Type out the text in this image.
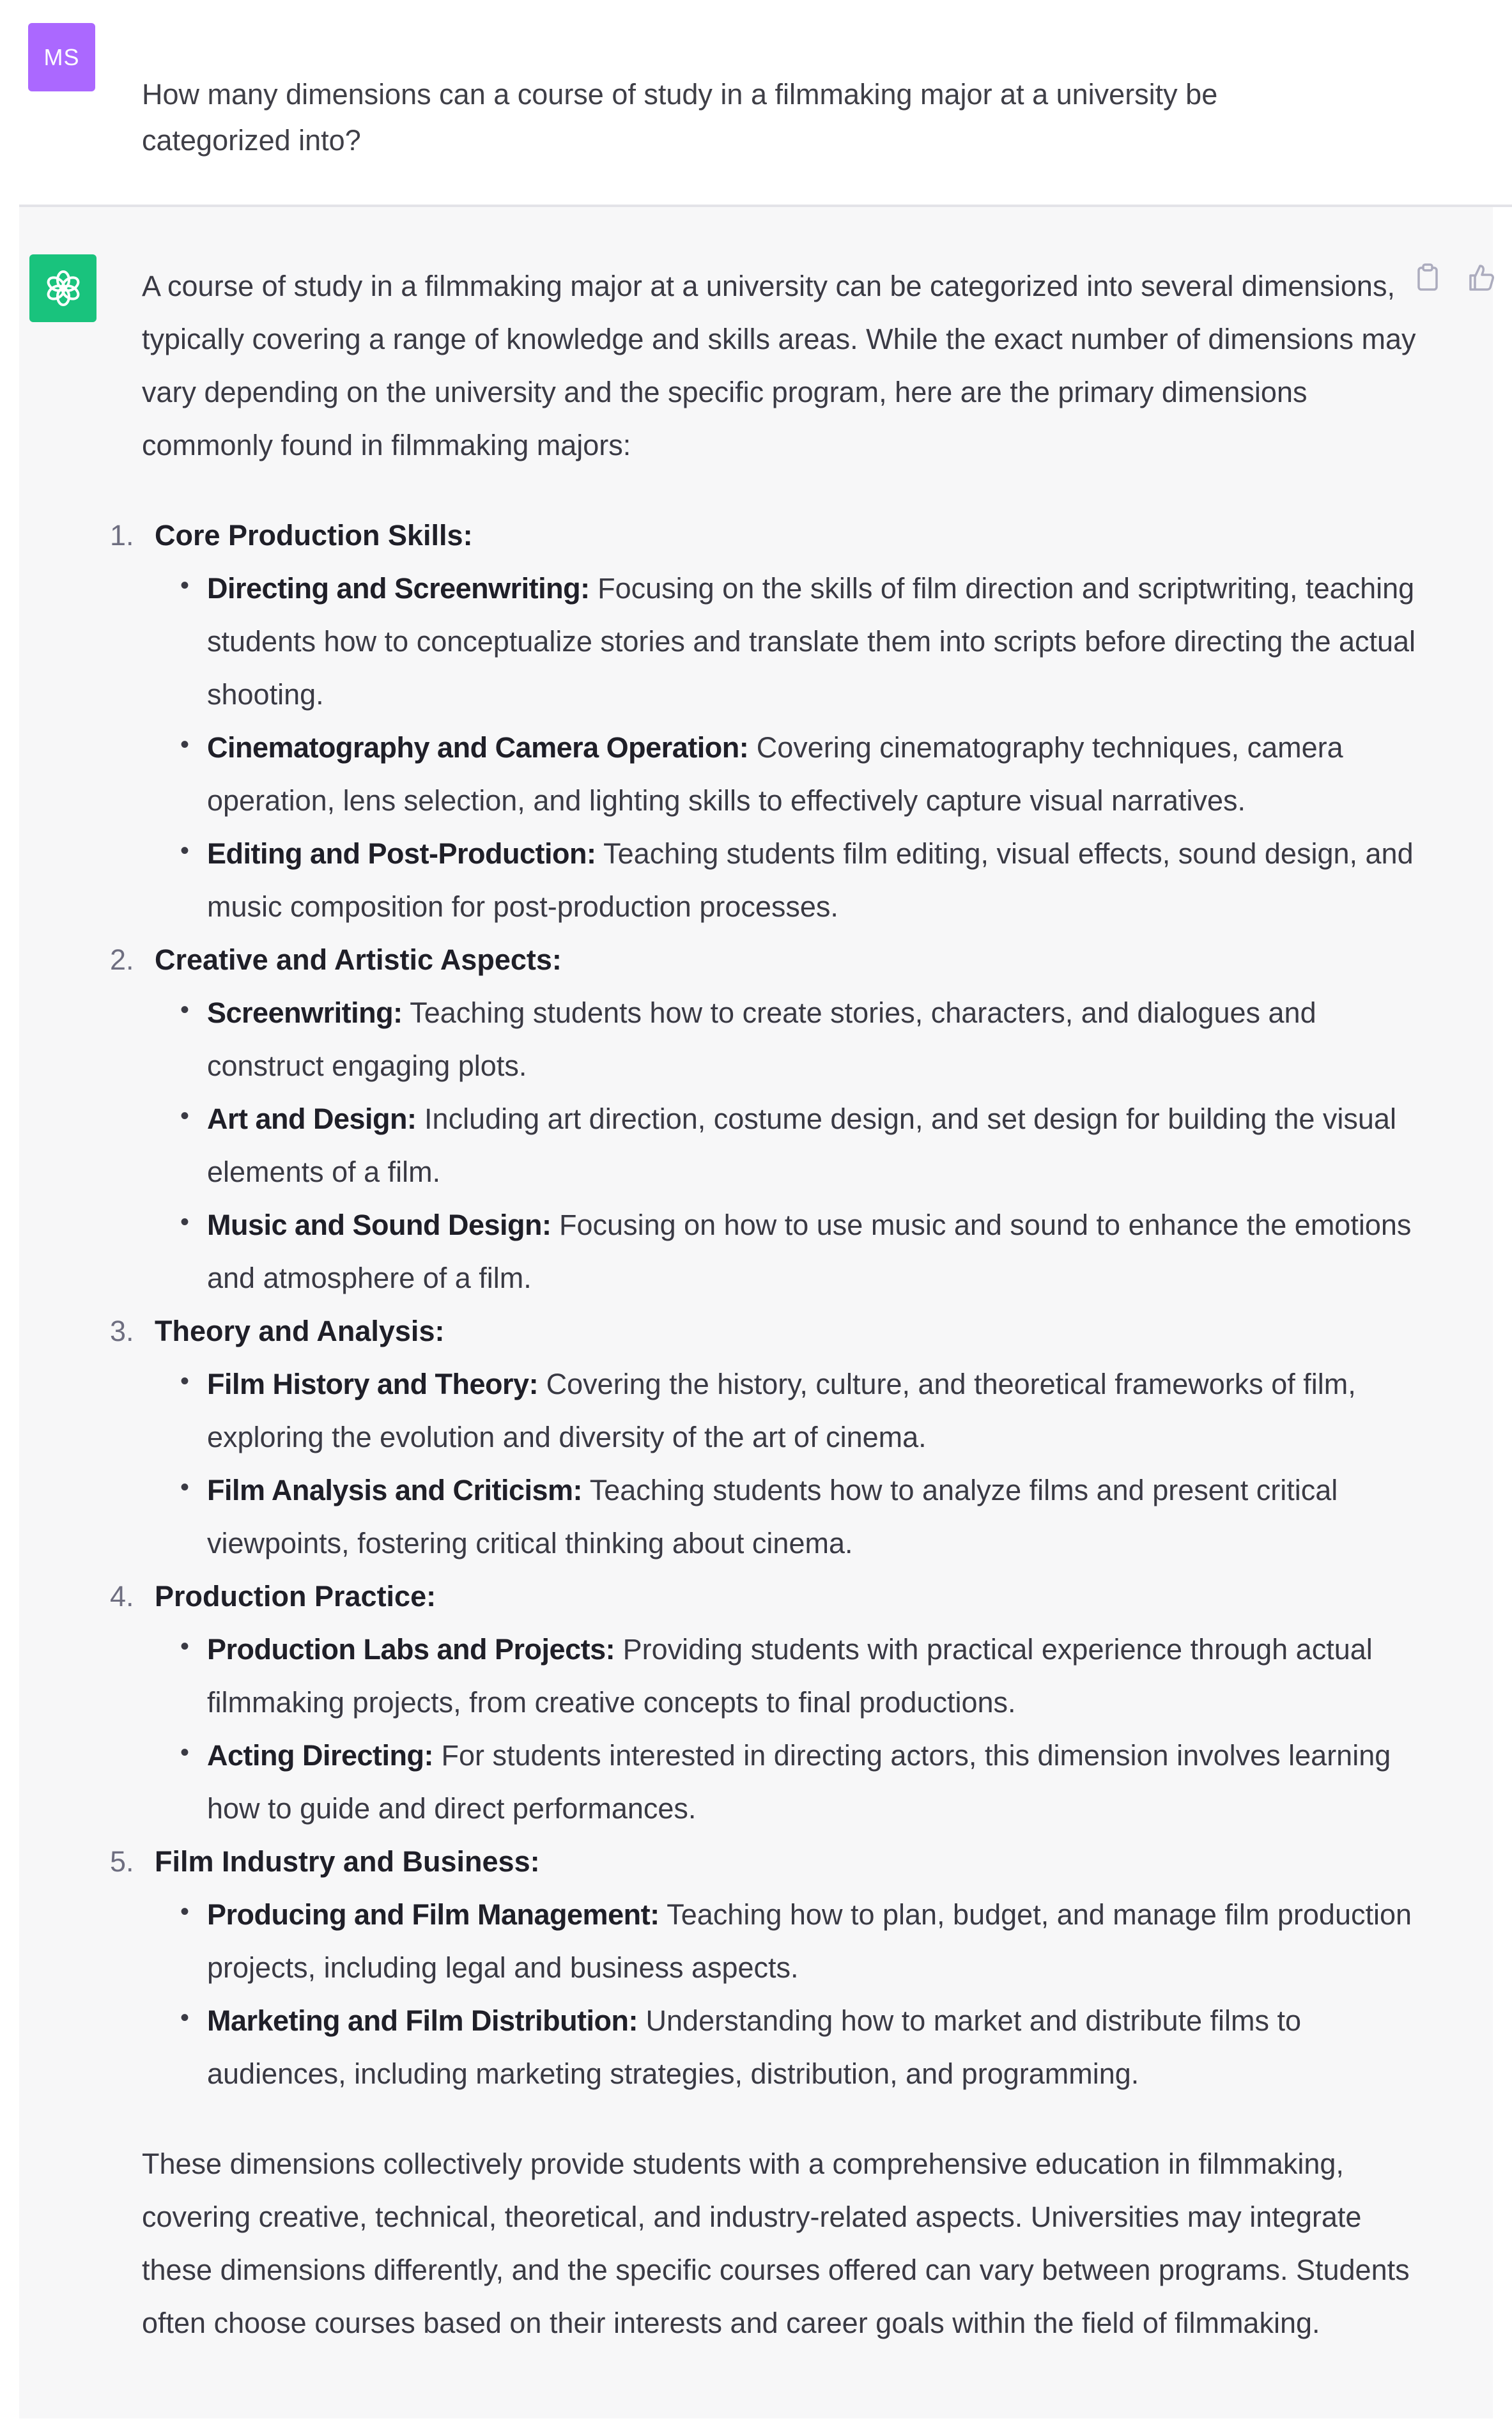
MS
How many dimensions can a course of study in a filmmaking major at a university be categorized into?

A course of study in a filmmaking major at a university can be categorized into several dimensions, typically covering a range of knowledge and skills areas. While the exact number of dimensions may vary depending on the university and the specific program, here are the primary dimensions commonly found in filmmaking majors:

1. Core Production Skills:
• Directing and Screenwriting: Focusing on the skills of film direction and scriptwriting, teaching students how to conceptualize stories and translate them into scripts before directing the actual shooting.
• Cinematography and Camera Operation: Covering cinematography techniques, camera operation, lens selection, and lighting skills to effectively capture visual narratives.
• Editing and Post-Production: Teaching students film editing, visual effects, sound design, and music composition for post-production processes.
2. Creative and Artistic Aspects:
• Screenwriting: Teaching students how to create stories, characters, and dialogues and construct engaging plots.
• Art and Design: Including art direction, costume design, and set design for building the visual elements of a film.
• Music and Sound Design: Focusing on how to use music and sound to enhance the emotions and atmosphere of a film.
3. Theory and Analysis:
• Film History and Theory: Covering the history, culture, and theoretical frameworks of film, exploring the evolution and diversity of the art of cinema.
• Film Analysis and Criticism: Teaching students how to analyze films and present critical viewpoints, fostering critical thinking about cinema.
4. Production Practice:
• Production Labs and Projects: Providing students with practical experience through actual filmmaking projects, from creative concepts to final productions.
• Acting Directing: For students interested in directing actors, this dimension involves learning how to guide and direct performances.
5. Film Industry and Business:
• Producing and Film Management: Teaching how to plan, budget, and manage film production projects, including legal and business aspects.
• Marketing and Film Distribution: Understanding how to market and distribute films to audiences, including marketing strategies, distribution, and programming.

These dimensions collectively provide students with a comprehensive education in filmmaking, covering creative, technical, theoretical, and industry-related aspects. Universities may integrate these dimensions differently, and the specific courses offered can vary between programs. Students often choose courses based on their interests and career goals within the field of filmmaking.
